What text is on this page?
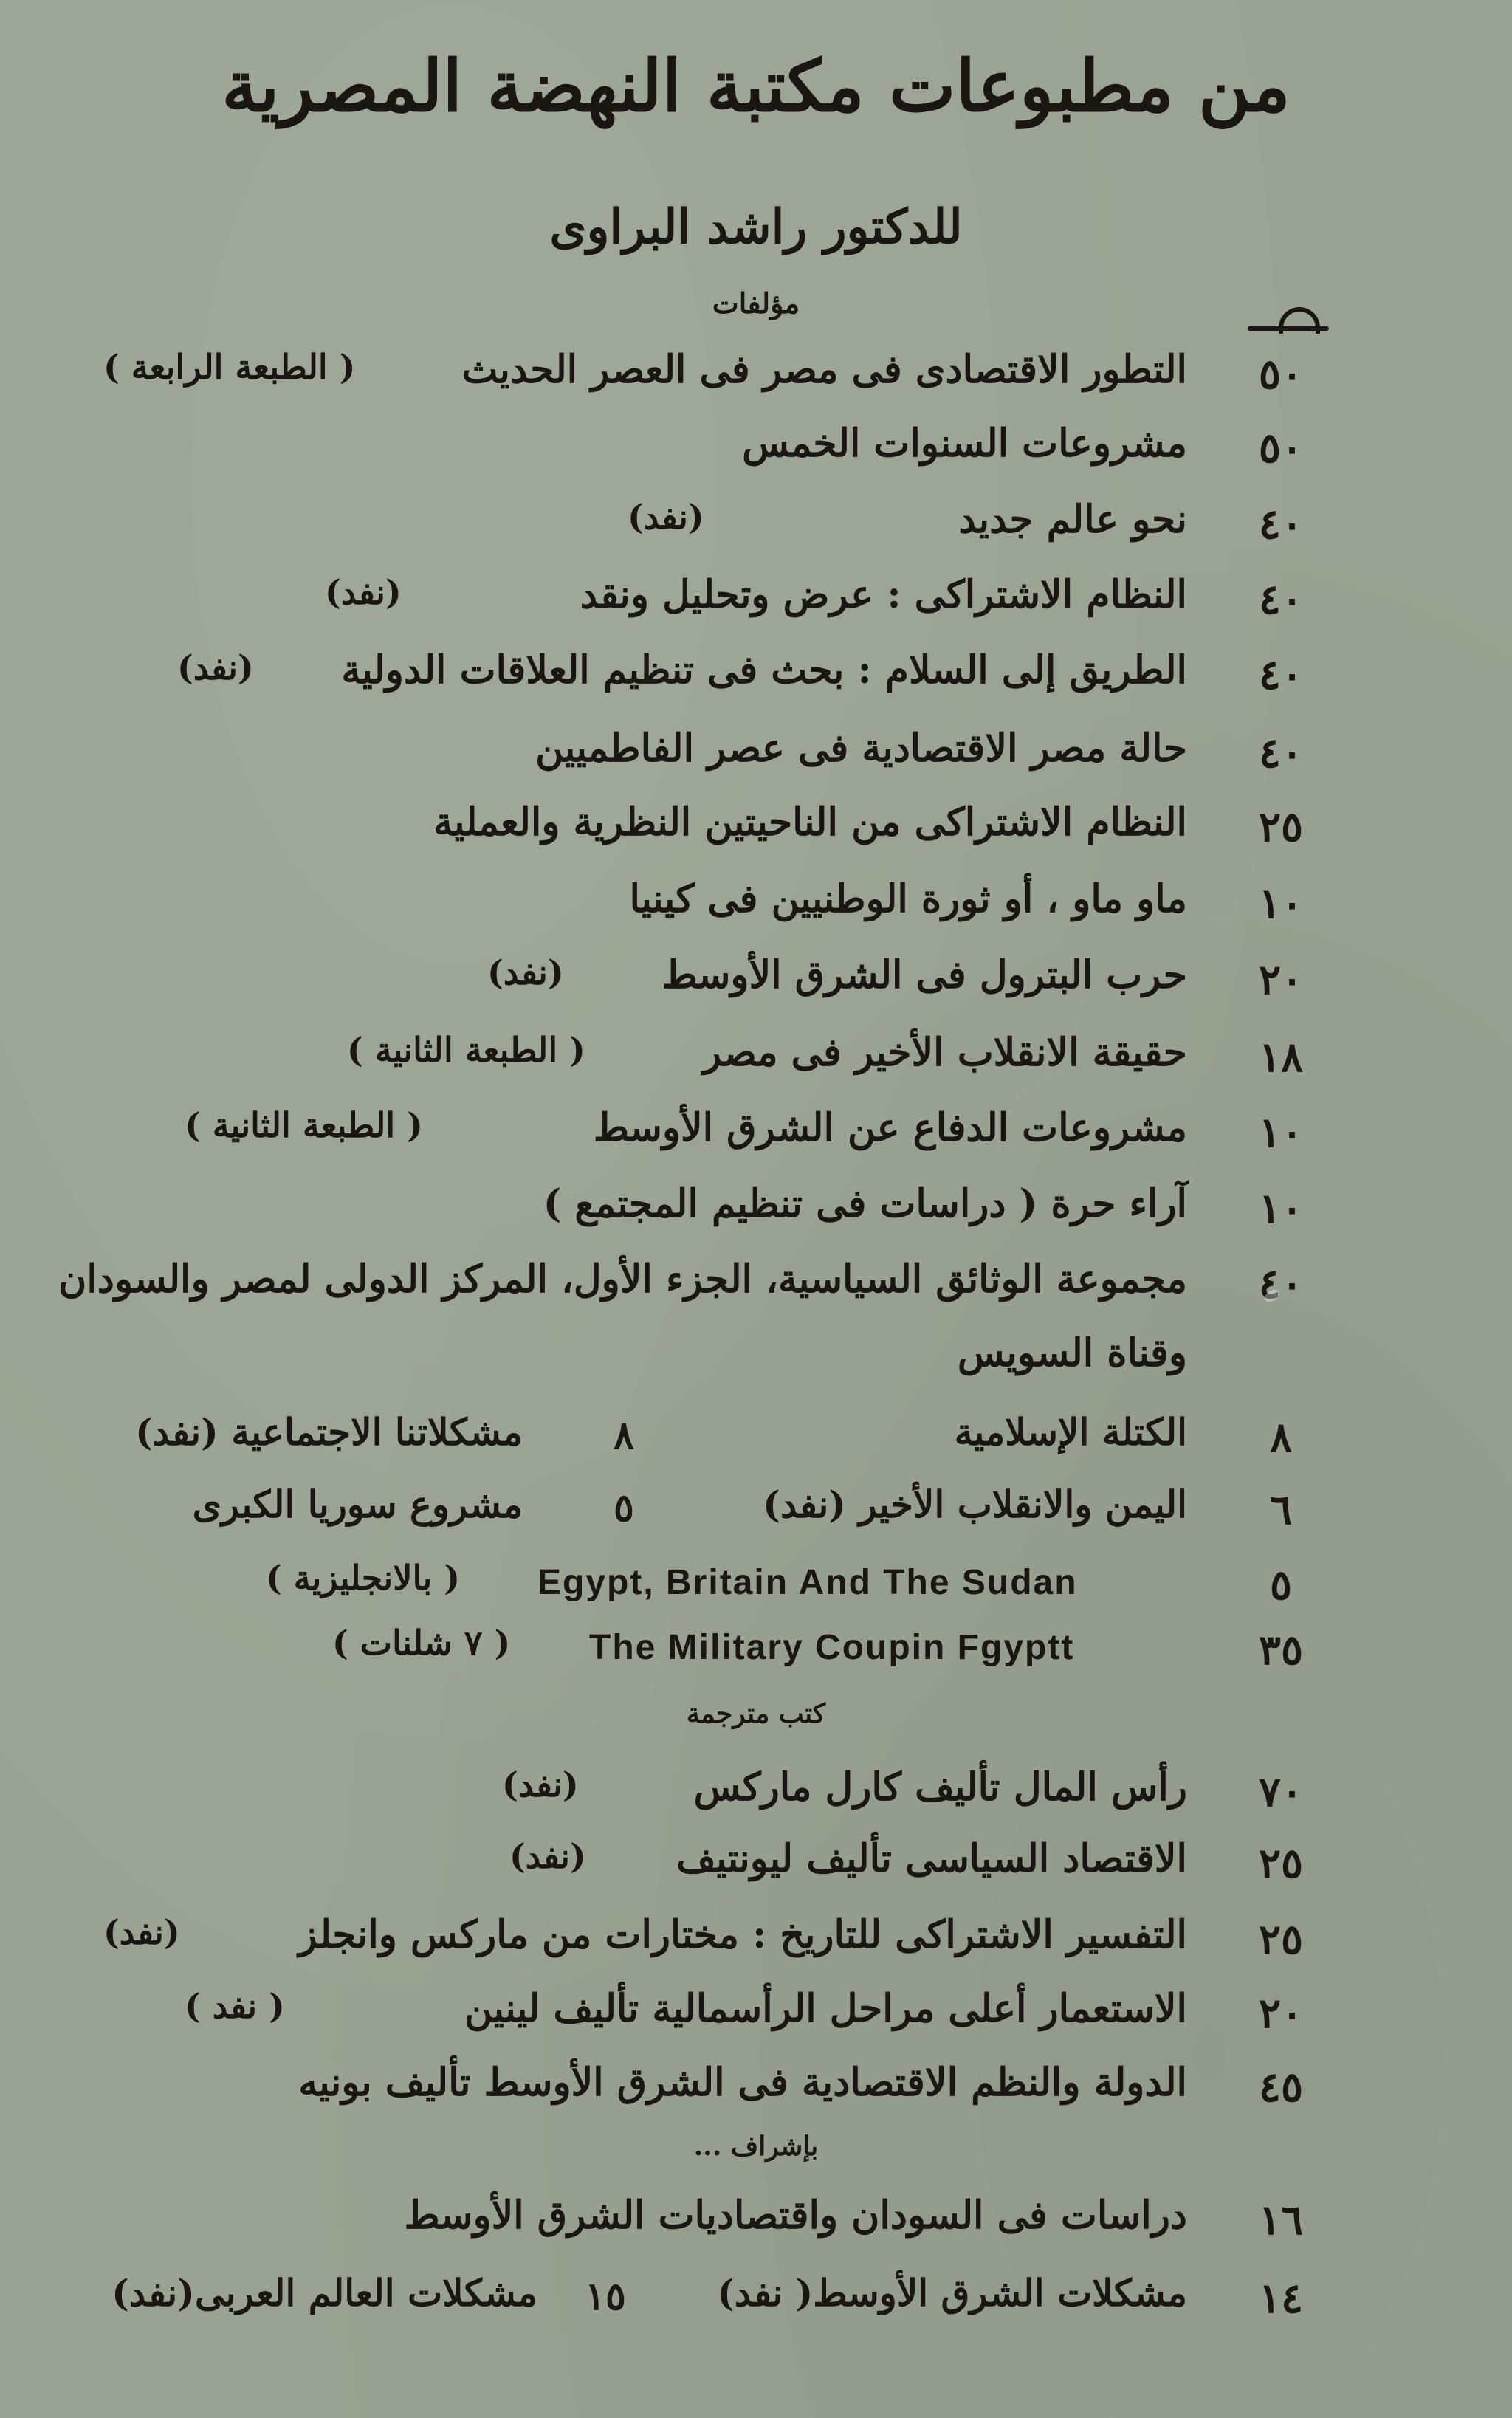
من مطبوعات مكتبة النهضة المصرية
للدكتور راشد البراوى
مؤلفات
٥٠
التطور الاقتصادى فى مصر فى العصر الحديث
( الطبعة الرابعة )
٥٠
مشروعات السنوات الخمس
٤٠
نحو عالم جديد
(نفد)
٤٠
النظام الاشتراكى : عرض وتحليل ونقد
(نفد)
٤٠
الطريق إلى السلام : بحث فى تنظيم العلاقات الدولية
(نفد)
٤٠
حالة مصر الاقتصادية فى عصر الفاطميين
٢٥
النظام الاشتراكى من الناحيتين النظرية والعملية
١٠
ماو ماو ، أو ثورة الوطنيين فى كينيا
٢٠
حرب البترول فى الشرق الأوسط
(نفد)
١٨
حقيقة الانقلاب الأخير فى مصر
( الطبعة الثانية )
١٠
مشروعات الدفاع عن الشرق الأوسط
( الطبعة الثانية )
١٠
آراء حرة ( دراسات فى تنظيم المجتمع )
٤٠
مجموعة الوثائق السياسية، الجزء الأول، المركز الدولى لمصر والسودان
وقناة السويس
٨
الكتلة الإسلامية
٨
مشكلاتنا الاجتماعية (نفد)
٦
اليمن والانقلاب الأخير (نفد)
٥
مشروع سوريا الكبرى
٥
Egypt, Britain And The Sudan
( بالانجليزية )
٣٥
The Military Coupin Fgyptt
( ٧ شلنات )
كتب مترجمة
٧٠
رأس المال تأليف كارل ماركس
(نفد)
٢٥
الاقتصاد السياسى تأليف ليونتيف
(نفد)
٢٥
التفسير الاشتراكى للتاريخ : مختارات من ماركس وانجلز
(نفد)
٢٠
الاستعمار أعلى مراحل الرأسمالية تأليف لينين
( نفد )
٤٥
الدولة والنظم الاقتصادية فى الشرق الأوسط تأليف بونيه
بإشراف ...
١٦
دراسات فى السودان واقتصاديات الشرق الأوسط
١٤
مشكلات الشرق الأوسط( نفد)
١٥
مشكلات العالم العربى(نفد)
